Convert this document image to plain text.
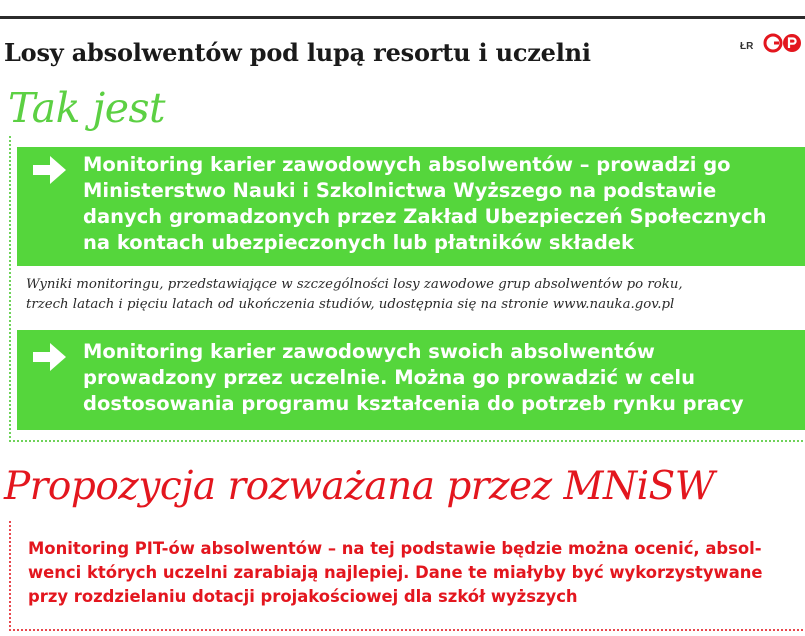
Losy absolwentów pod lupą resortu i uczelni	ŁR
Tak jest
Monitoring karier zawodowych absolwentów – prowadzi go
Ministerstwo Nauki i Szkolnictwa Wyższego na podstawie
danych gromadzonych przez Zakład Ubezpieczeń Społecznych
na kontach ubezpieczonych lub płatników składek
Wyniki monitoringu, przedstawiające w szczególności losy zawodowe grup absolwentów po roku,
trzech latach i pięciu latach od ukończenia studiów, udostępnia się na stronie www.nauka.gov.pl
Monitoring karier zawodowych swoich absolwentów
prowadzony przez uczelnie. Można go prowadzić w celu
dostosowania programu kształcenia do potrzeb rynku pracy
Propozycja rozważana przez MNiSW
Monitoring PIT-ów absolwentów – na tej podstawie będzie można ocenić, absol-
wenci których uczelni zarabiają najlepiej. Dane te miałyby być wykorzystywane
przy rozdzielaniu dotacji projakościowej dla szkół wyższych
